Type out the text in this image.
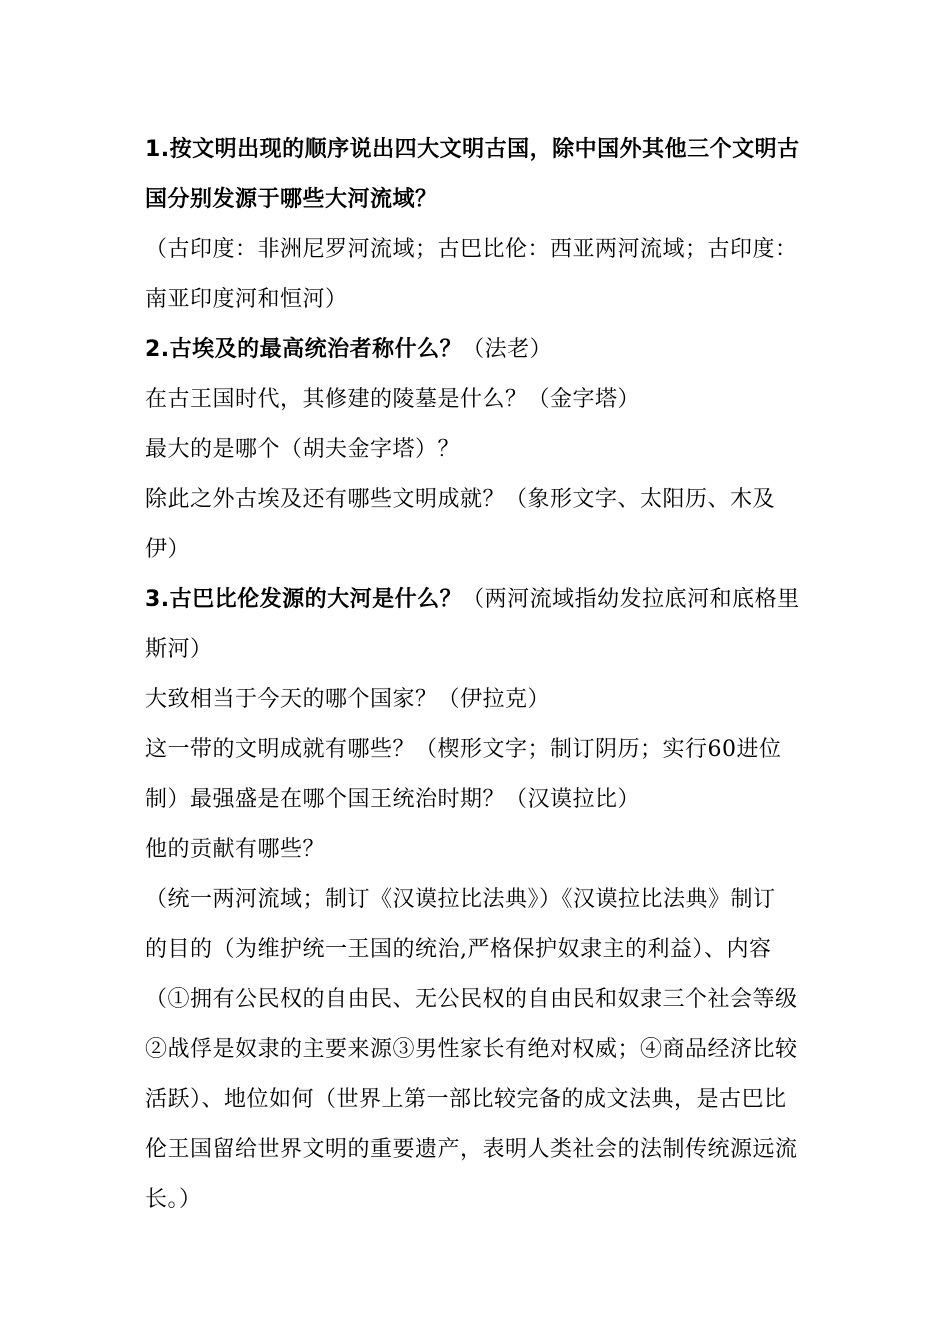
1.按文明出现的顺序说出四大文明古国，除中国外其他三个文明古
国分别发源于哪些大河流域？
（古印度：非洲尼罗河流域；古巴比伦：西亚两河流域；古印度：
南亚印度河和恒河）
2.古埃及的最高统治者称什么？（法老）
在古王国时代，其修建的陵墓是什么？（金字塔）
最大的是哪个（胡夫金字塔）？
除此之外古埃及还有哪些文明成就？（象形文字、太阳历、木及
伊）
3.古巴比伦发源的大河是什么？（两河流域指幼发拉底河和底格里
斯河）
大致相当于今天的哪个国家？（伊拉克）
这一带的文明成就有哪些？（楔形文字；制订阴历；实行60进位
制）最强盛是在哪个国王统治时期？（汉谟拉比）
他的贡献有哪些？
（统一两河流域；制订《汉谟拉比法典》）《汉谟拉比法典》制订
的目的（为维护统一王国的统治,严格保护奴隶主的利益）、内容
（①拥有公民权的自由民、无公民权的自由民和奴隶三个社会等级
②战俘是奴隶的主要来源③男性家长有绝对权威；④商品经济比较
活跃）、地位如何（世界上第一部比较完备的成文法典，是古巴比
伦王国留给世界文明的重要遗产，表明人类社会的法制传统源远流
长。）
